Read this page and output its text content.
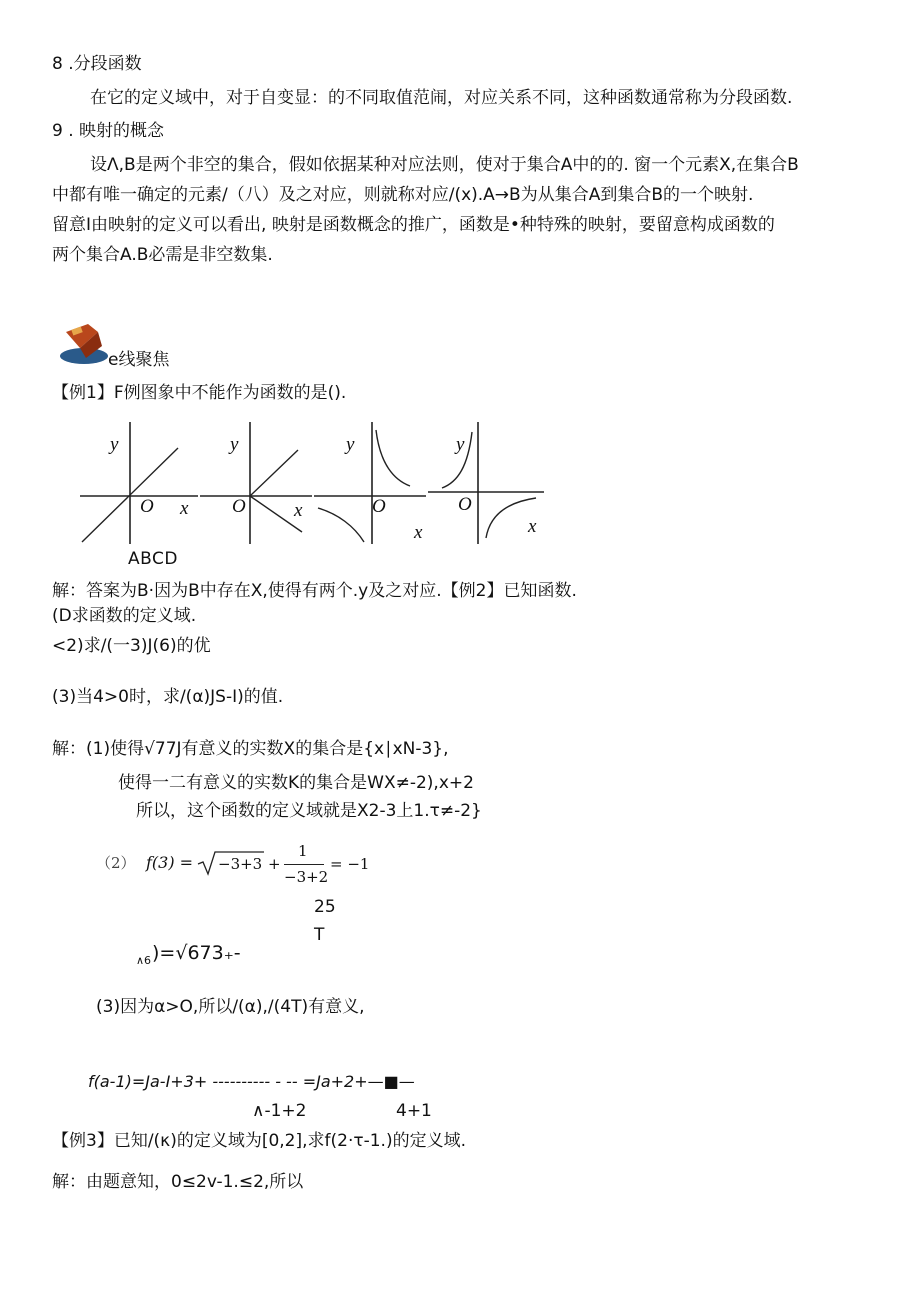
8 .分段函数
在它的定义域中，对于自变显：的不同取值范闹，对应关系不同，这种函数通常称为分段函数.
9 . 映射的概念
设Λ,B是两个非空的集合，假如依据某种对应法则，使对于集合A中的的. 窗一个元素X,在集合B
中都有唯一确定的元素/（八）及之对应，则就称对应/(x).A→B为从集合A到集合B的一个映射.
留意I由映射的定义可以看出, 映射是函数概念的推广，函数是•种特殊的映射，要留意构成函数的
两个集合A.B必需是非空数集.
e线聚焦
【例1】F例图象中不能作为函数的是().
y
O x
y
O	x
y
O
x
y
O
x
ABCD
解：答案为B·因为B中存在X,使得有两个.y及之对应.【例2】已知函数.
(D求函数的定义域.
<2)求/(一3)J(6)的优
(3)当4>0时，求/(α)JS-I)的值.
解：(1)使得√77J有意义的实数X的集合是{x∣xN-3},
使得一二有意义的实数K的集合是WX≠-2),x+2
所以，这个函数的定义域就是X2-3上1.τ≠-2}
（2） f(3) = −3+3 +
1
−3+2
= −1
25
T
∧6 )=√673₊-
(3)因为α>O,所以/(α),/(4T)有意义,
f(a-1)=Ja-I+3+ ---------- - -- =Ja+2+—■—
∧-1+2	4+1
【例3】已知/(κ)的定义域为[0,2],求f(2·τ-1.)的定义域.
解：由题意知，0≤2v-1.≤2,所以
